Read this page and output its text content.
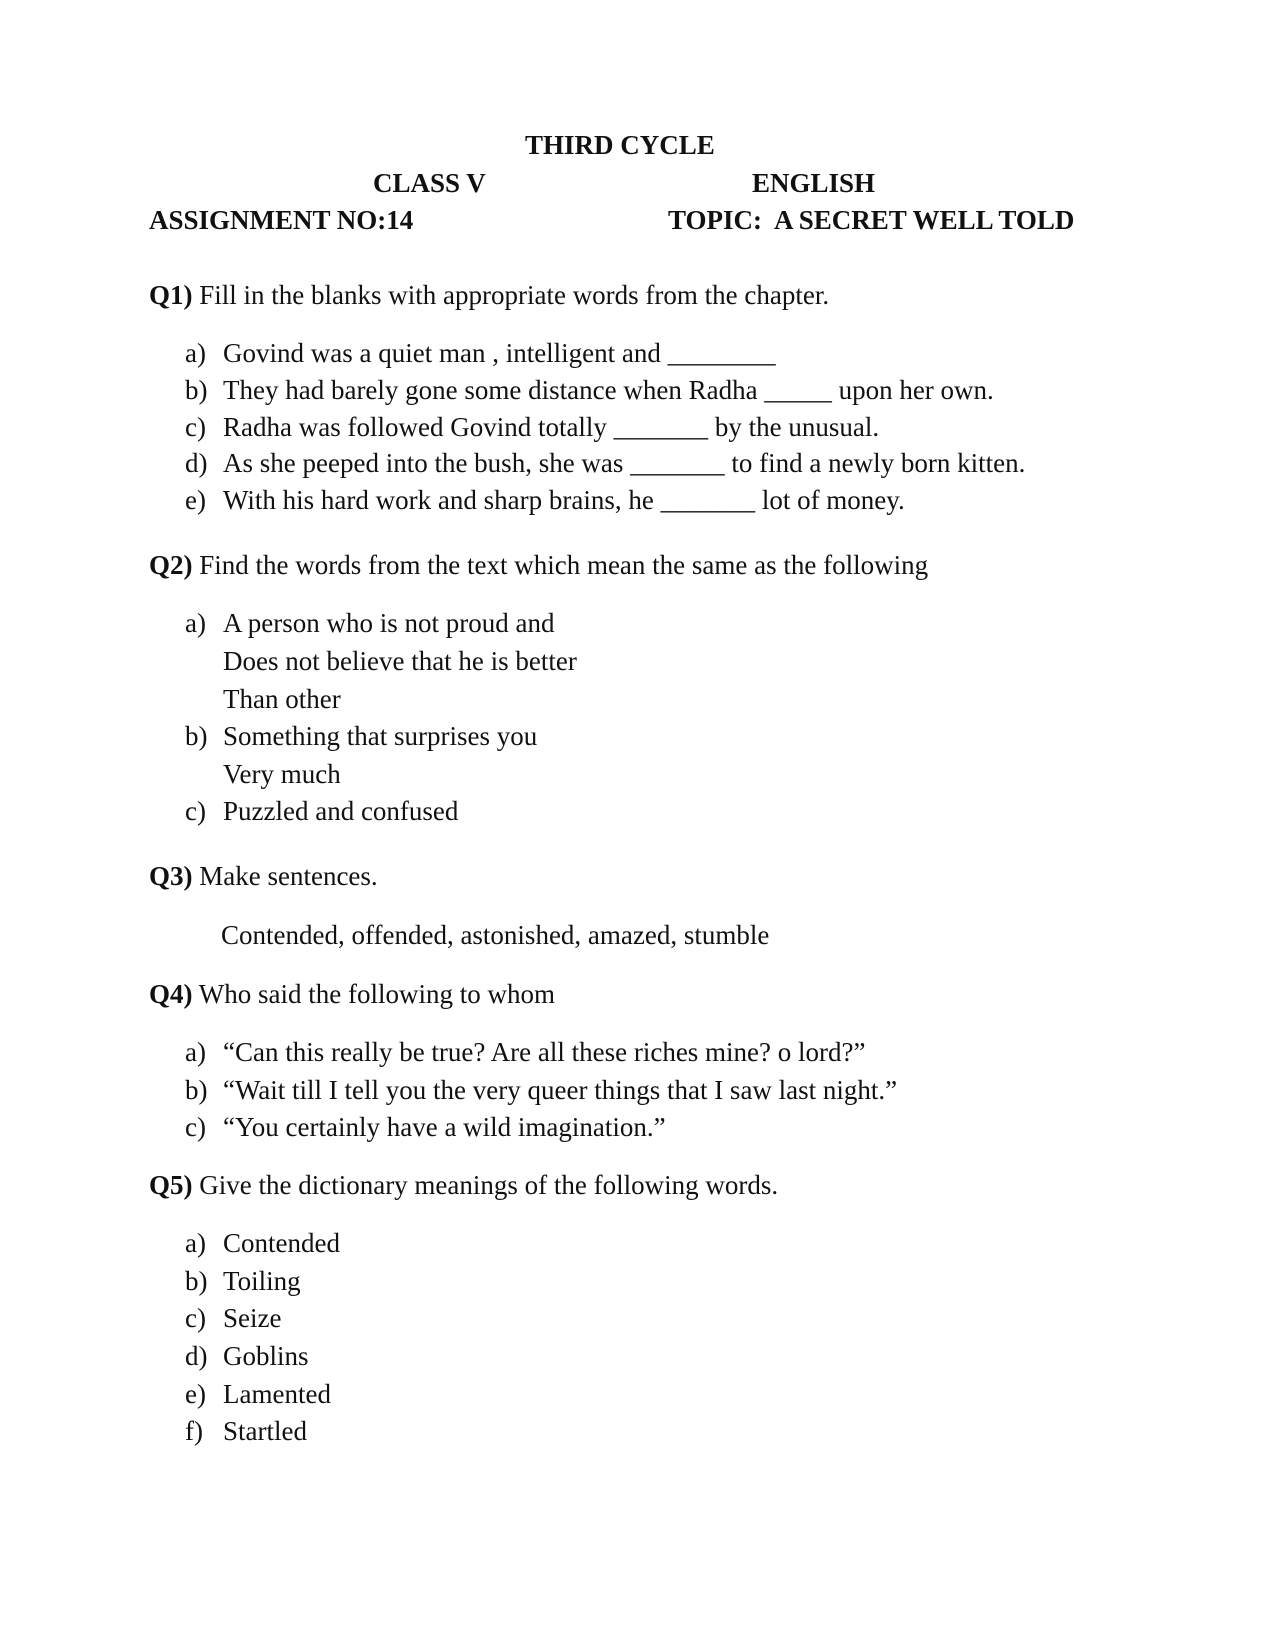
THIRD CYCLE
CLASS V	ENGLISH
ASSIGNMENT NO:14	TOPIC:  A SECRET WELL TOLD
Q1) Fill in the blanks with appropriate words from the chapter.
a) Govind was a quiet man , intelligent and ________
b) They had barely gone some distance when Radha _____ upon her own.
c) Radha was followed Govind totally _______ by the unusual.
d) As she peeped into the bush, she was _______ to find a newly born kitten.
e) With his hard work and sharp brains, he _______ lot of money.
Q2) Find the words from the text which mean the same as the following
a) A person who is not proud and
Does not believe that he is better
Than other
b) Something that surprises you
Very much
c) Puzzled and confused
Q3) Make sentences.
Contended, offended, astonished, amazed, stumble
Q4) Who said the following to whom
a) “Can this really be true? Are all these riches mine? o lord?”
b) “Wait till I tell you the very queer things that I saw last night.”
c) “You certainly have a wild imagination.”
Q5) Give the dictionary meanings of the following words.
a) Contended
b) Toiling
c) Seize
d) Goblins
e) Lamented
f) Startled
